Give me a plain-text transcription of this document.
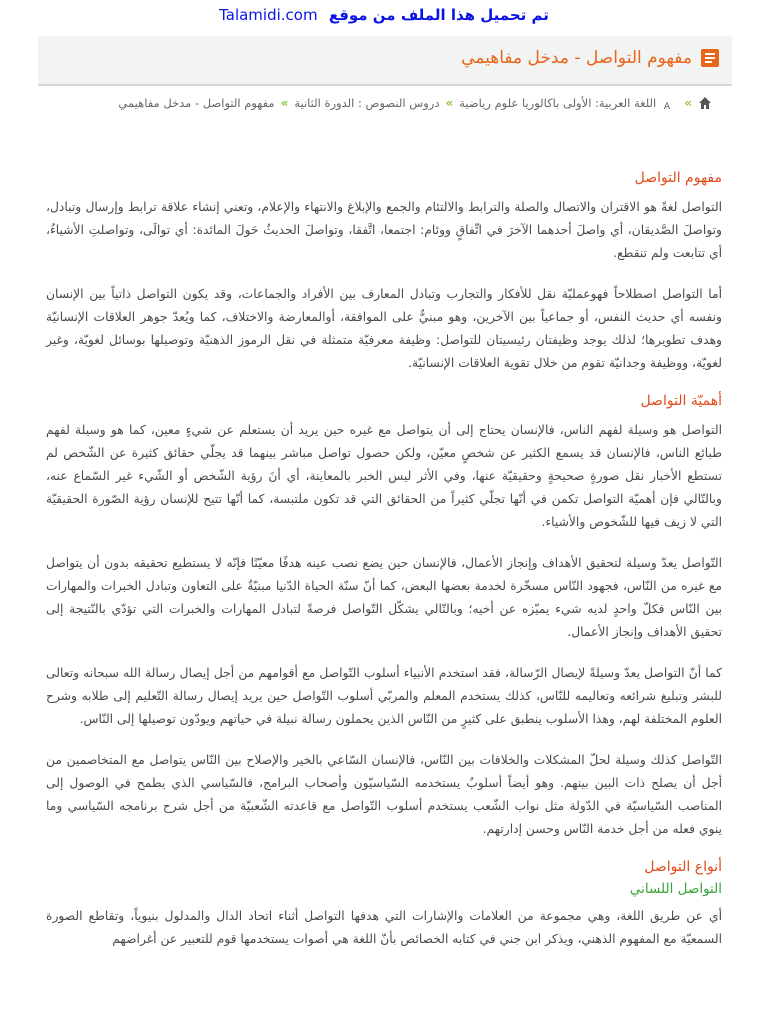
تم تحميل هذا الملف من موقع Talamidi.com
مفهوم التواصل - مدخل مفاهيمي
»
A
اللغة العربية: الأولى باكالوريا علوم رياضية
»
دروس النصوص : الدورة الثانية
»
مفهوم التواصل - مدخل مفاهيمي
مفهوم التواصل

التواصل لغةً هو الاقتران والاتصال والصلة والترابط والالتئام والجمع والإبلاغ والانتهاء والإعلام، وتعني إنشاء علاقة ترابط وإرسال وتبادل، وتواصلَ الصَّديقان، أي واصلَ أحدهما الآخرَ في اتِّفاقٍ ووئام: اجتمعا، اتَّفقا، وتواصلَ الحديثُ حَولَ المائدة: أي توالَى، وتواصلتِ الأشياءُ، أي تتابعت ولم تنقطع.

أما التواصل اصطلاحاً فهوعمليّة نقل للأفكار والتجارب وتبادل المعارف بين الأفراد والجماعات، وقد يكون التواصل ذاتياً بين الإنسان ونفسه أي حديث النفس، أو جماعياً بين الآخرين، وهو مبنيٌّ على الموافقة، أوالمعارضة والاختلاف، كما ويُعدّ جوهر العلاقات الإنسانيّة وهدف تطويرها؛ لذلك يوجد وظيفتان رئيسيتان للتواصل: وظيفة معرفيّة متمثلة في نقل الرموز الذهنيّة وتوصيلها بوسائل لغويّة، وغير لغويّة، ووظيفة وجدانيّة تقوم من خلال تقوية العلاقات الإنسانيّة.

أهميّة التواصل

التواصل هو وسيلة لفهم الناس، فالإنسان يحتاج إلى أن يتواصل مع غيره حين يريد أن يستعلم عن شيءٍ معين، كما هو وسيلة لفهم طبائع الناس، فالإنسان قد يسمع الكثير عن شخصٍ معيّن، ولكن حصول تواصل مباشر بينهما قد يجلّي حقائق كثيرة عن الشّخص لم تستطع الأخبار نقل صورةٍ صحيحةٍ وحقيقيّة عنها، وفي الأثر ليس الخبر بالمعاينة، أي أنَ رؤية الشّخص أو الشّيء غير السّماع عنه، وبالتّالي فإن أهميّة التواصل تكمن في أنّها تجلّي كثيراً من الحقائق التي قد تكون ملتبسة، كما أنّها تتيح للإنسان رؤية الصّورة الحقيقيّة التي لا زيف فيها للشّخوص والأشياء.

التّواصل يعدّ وسيلة لتحقيق الأهداف وإنجاز الأعمال، فالإنسان حين يضع نصب عينه هدفًا معيّنًا فإنّه لا يستطيع تحقيقه بدون أن يتواصل مع غيره من النّاس، فجهود النّاس مسخّرة لخدمة بعضها البعض، كما أنّ سنّة الحياة الدّنيا مبنيّةٌ على التعاون وتبادل الخبرات والمهارات بين النّاس فكلّ واحدٍ لديه شيء يميّزه عن أخيه؛ وبالتّالي يشكّل التّواصل فرصةً لتبادل المهارات والخبرات التي تؤدّي بالنّتيجة إلى تحقيق الأهداف وإنجاز الأعمال.

كما أنّ التواصل يعدّ وسيلةً لإيصال الرّسالة، فقد استخدم الأنبياء أسلوب التّواصل مع أقوامهم من أجل إيصال رسالة الله سبحانه وتعالى للبشر وتبليغ شرائعه وتعاليمه للنّاس، كذلك يستخدم المعلم والمربّي أسلوب التّواصل حين يريد إيصال رسالة التّعليم إلى طلابه وشرح العلوم المختلفة لهم، وهذا الأسلوب ينطبق على كثيرٍ من النّاس الذين يحملون رسالة نبيلة في حياتهم ويودّون توصيلها إلى النّاس.

التّواصل كذلك وسيلة لحلّ المشكلات والخلافات بين النّاس، فالإنسان السّاعي بالخير والإصلاح بين النّاس يتواصل مع المتخاصمين من أجل أن يصلح ذات البين بينهم. وهو أيضاً أسلوبٌ يستخدمه السّياسيّون وأصحاب البرامج، فالسّياسي الذي يطمح في الوصول إلى المناصب السّياسيّة في الدّولة مثل نواب الشّعب يستخدم أسلوب التّواصل مع قاعدته الشّعبيّة من أجل شرح برنامجه السّياسي وما ينوي فعله من أجل خدمة النّاس وحسن إدارتهم.

أنواع التواصل
التواصل اللساني

أي عن طريق اللغة، وهي مجموعة من العلامات والإشارات التي هدفها التواصل أثناء اتحاد الدال والمدلول بنيوياً، وتقاطع الصورة السمعيّة مع المفهوم الذهني، ويذكر ابن جني في كتابه الخصائص بأنّ اللغة هي أصوات يستخدمها قوم للتعبير عن أغراضهم
